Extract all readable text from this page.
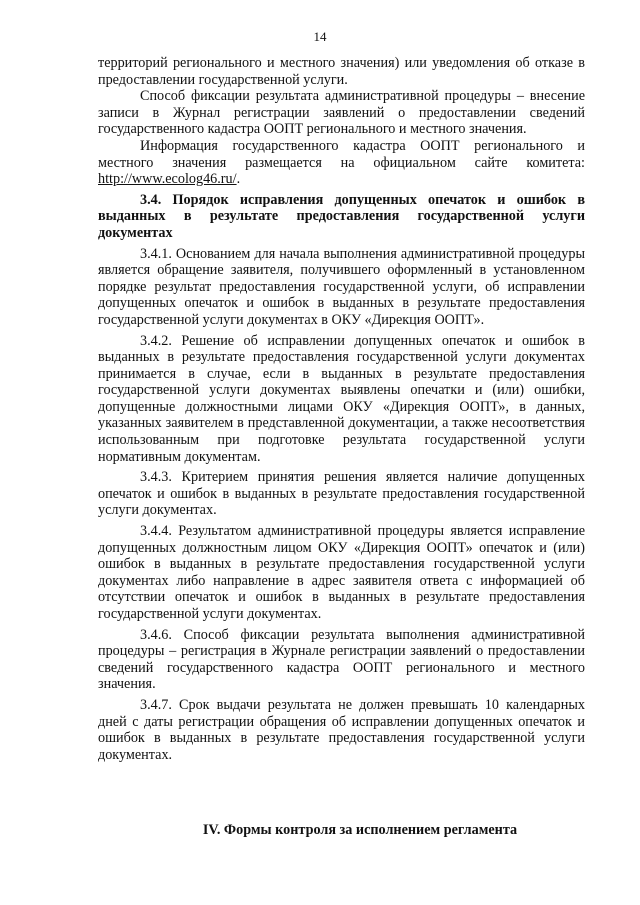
14

территорий регионального и местного значения) или уведомления об отказе в предоставлении государственной услуги.

Способ фиксации результата административной процедуры – внесение записи в Журнал регистрации заявлений о предоставлении сведений государственного кадастра ООПТ регионального и местного значения.

Информация государственного кадастра ООПТ регионального и местного значения размещается на официальном сайте комитета: http://www.ecolog46.ru/.

3.4. Порядок исправления допущенных опечаток и ошибок в выданных в результате предоставления государственной услуги документах

3.4.1. Основанием для начала выполнения административной процедуры является обращение заявителя, получившего оформленный в установленном порядке результат предоставления государственной услуги, об исправлении допущенных опечаток и ошибок в выданных в результате предоставления государственной услуги документах в ОКУ «Дирекция ООПТ».

3.4.2. Решение об исправлении допущенных опечаток и ошибок в выданных в результате предоставления государственной услуги документах принимается в случае, если в выданных в результате предоставления государственной услуги документах выявлены опечатки и (или) ошибки, допущенные должностными лицами ОКУ «Дирекция ООПТ», в данных, указанных заявителем в представленной документации, а также несоответствия использованным при подготовке результата государственной услуги нормативным документам.

3.4.3. Критерием принятия решения является наличие допущенных опечаток и ошибок в выданных в результате предоставления государственной услуги документах.

3.4.4. Результатом административной процедуры является исправление допущенных должностным лицом ОКУ «Дирекция ООПТ» опечаток и (или) ошибок в выданных в результате предоставления государственной услуги документах либо направление в адрес заявителя ответа с информацией об отсутствии опечаток и ошибок в выданных в результате предоставления государственной услуги документах.

3.4.6. Способ фиксации результата выполнения административной процедуры – регистрация в Журнале регистрации заявлений о предоставлении сведений государственного кадастра ООПТ регионального и местного значения.

3.4.7. Срок выдачи результата не должен превышать 10 календарных дней с даты регистрации обращения об исправлении допущенных опечаток и ошибок в выданных в результате предоставления государственной услуги документах.

IV. Формы контроля за исполнением регламента
